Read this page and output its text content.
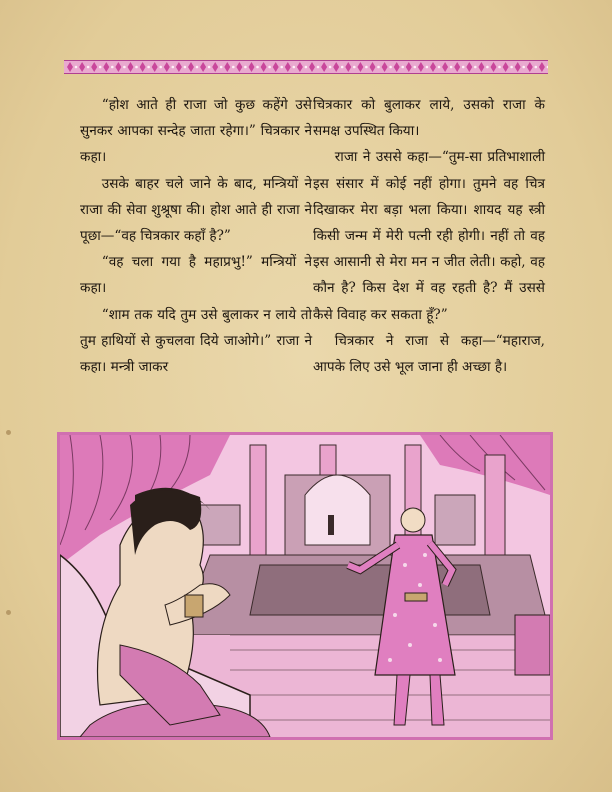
“होश आते ही राजा जो कुछ कहेंगे उसे सुनकर आपका सन्देह जाता रहेगा।” चित्रकार ने कहा।

उसके बाहर चले जाने के बाद, मन्त्रियों ने राजा की सेवा शुश्रूषा की। होश आते ही राजा ने पूछा—“वह चित्रकार कहाँ है?”

“वह चला गया है महाप्रभु!” मन्त्रियों ने कहा।

“शाम तक यदि तुम उसे बुलाकर न लाये तो तुम हाथियों से कुचलवा दिये जाओगे।” राजा ने कहा। मन्त्री जाकर

चित्रकार को बुलाकर लाये, उसको राजा के समक्ष उपस्थित किया।

राजा ने उससे कहा—“तुम-सा प्रतिभाशाली इस संसार में कोई नहीं होगा। तुमने वह चित्र दिखाकर मेरा बड़ा भला किया। शायद यह स्त्री किसी जन्म में मेरी पत्नी रही होगी। नहीं तो वह इस आसानी से मेरा मन न जीत लेती। कहो, वह कौन है? किस देश में वह रहती है? मैं उससे कैसे विवाह कर सकता हूँ?”

चित्रकार ने राजा से कहा—“महाराज, आपके लिए उसे भूल जाना ही अच्छा है।
